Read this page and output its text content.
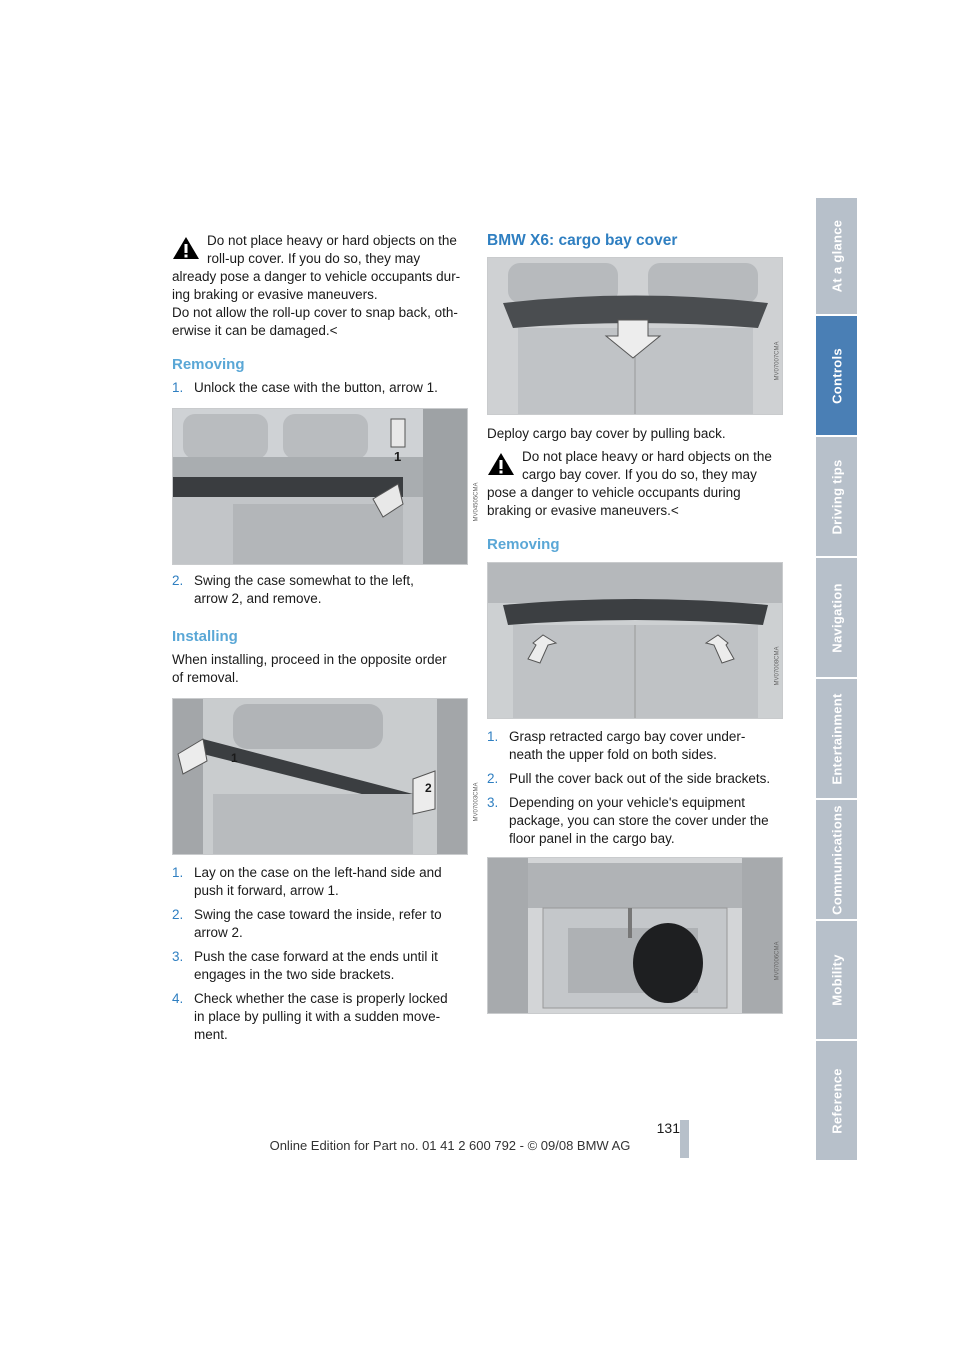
At a glance
Controls
Driving tips
Navigation
Entertainment
Communications
Mobility
Reference
Do not place heavy or hard objects on the
roll-up cover. If you do so, they may
already pose a danger to vehicle occupants dur-
ing braking or evasive maneuvers.
Do not allow the roll-up cover to snap back, oth-
erwise it can be damaged.<
Removing
1. Unlock the case with the button, arrow 1.
1
MV04505CMA
2. Swing the case somewhat to the left,
arrow 2, and remove.
Installing
When installing, proceed in the opposite order
of removal.
1
2	MV07003CMA
1. Lay on the case on the left-hand side and
push it forward, arrow 1.
2. Swing the case toward the inside, refer to
arrow 2.
3. Push the case forward at the ends until it
engages in the two side brackets.
4. Check whether the case is properly locked
in place by pulling it with a sudden move-
ment.
BMW X6: cargo bay cover
MV07007CMA
Deploy cargo bay cover by pulling back.
Do not place heavy or hard objects on the
cargo bay cover. If you do so, they may
pose a danger to vehicle occupants during
braking or evasive maneuvers.<
Removing
MV07008CMA
1. Grasp retracted cargo bay cover under-
neath the upper fold on both sides.
2. Pull the cover back out of the side brackets.
3. Depending on your vehicle's equipment
package, you can store the cover under the
floor panel in the cargo bay.
MV07006CMA
131
Online Edition for Part no. 01 41 2 600 792 - © 09/08 BMW AG
